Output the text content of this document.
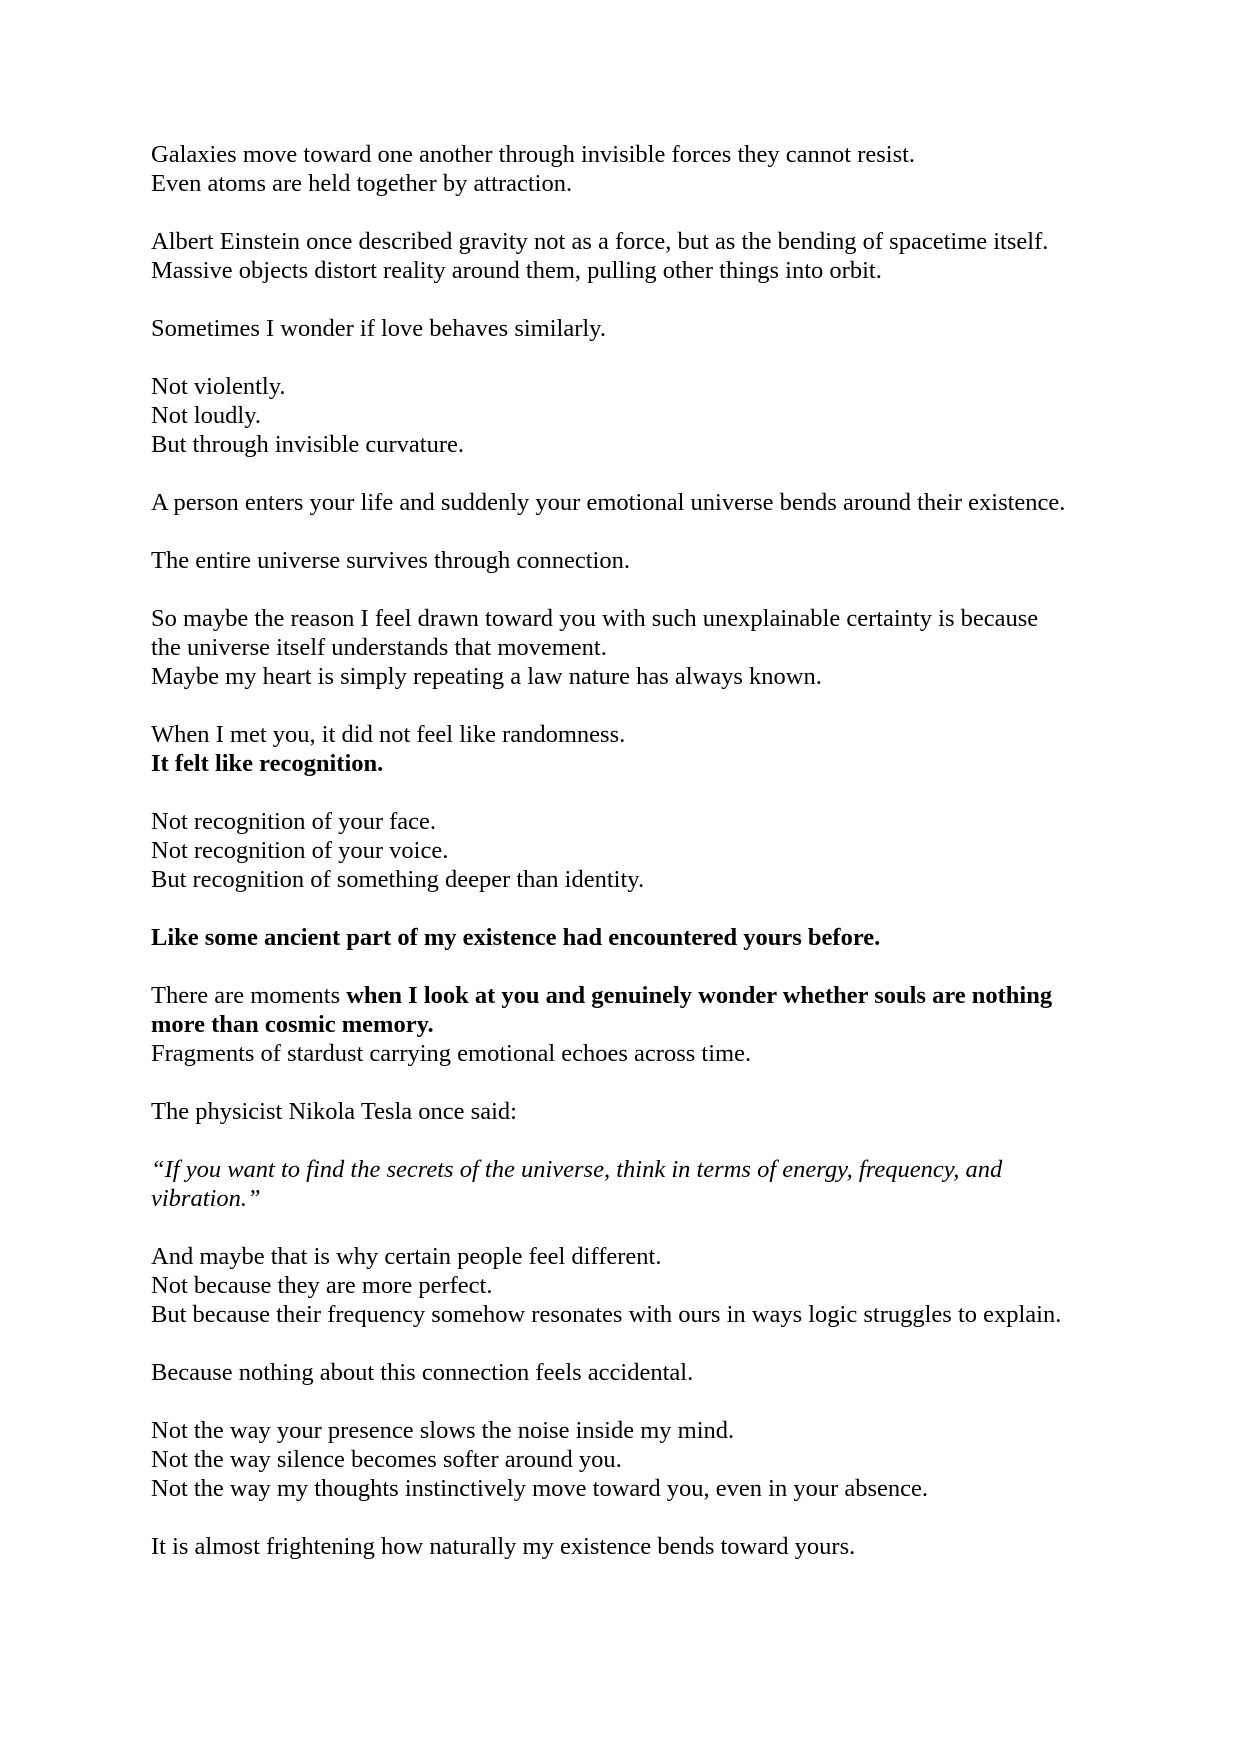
Galaxies move toward one another through invisible forces they cannot resist.
Even atoms are held together by attraction.

Albert Einstein once described gravity not as a force, but as the bending of spacetime itself.
Massive objects distort reality around them, pulling other things into orbit.

Sometimes I wonder if love behaves similarly.

Not violently.
Not loudly.
But through invisible curvature.

A person enters your life and suddenly your emotional universe bends around their existence.

The entire universe survives through connection.

So maybe the reason I feel drawn toward you with such unexplainable certainty is because
the universe itself understands that movement.
Maybe my heart is simply repeating a law nature has always known.

When I met you, it did not feel like randomness.
It felt like recognition.

Not recognition of your face.
Not recognition of your voice.
But recognition of something deeper than identity.

Like some ancient part of my existence had encountered yours before.

There are moments when I look at you and genuinely wonder whether souls are nothing
more than cosmic memory.
Fragments of stardust carrying emotional echoes across time.

The physicist Nikola Tesla once said:

“If you want to find the secrets of the universe, think in terms of energy, frequency, and
vibration.”

And maybe that is why certain people feel different.
Not because they are more perfect.
But because their frequency somehow resonates with ours in ways logic struggles to explain.

Because nothing about this connection feels accidental.

Not the way your presence slows the noise inside my mind.
Not the way silence becomes softer around you.
Not the way my thoughts instinctively move toward you, even in your absence.

It is almost frightening how naturally my existence bends toward yours.
